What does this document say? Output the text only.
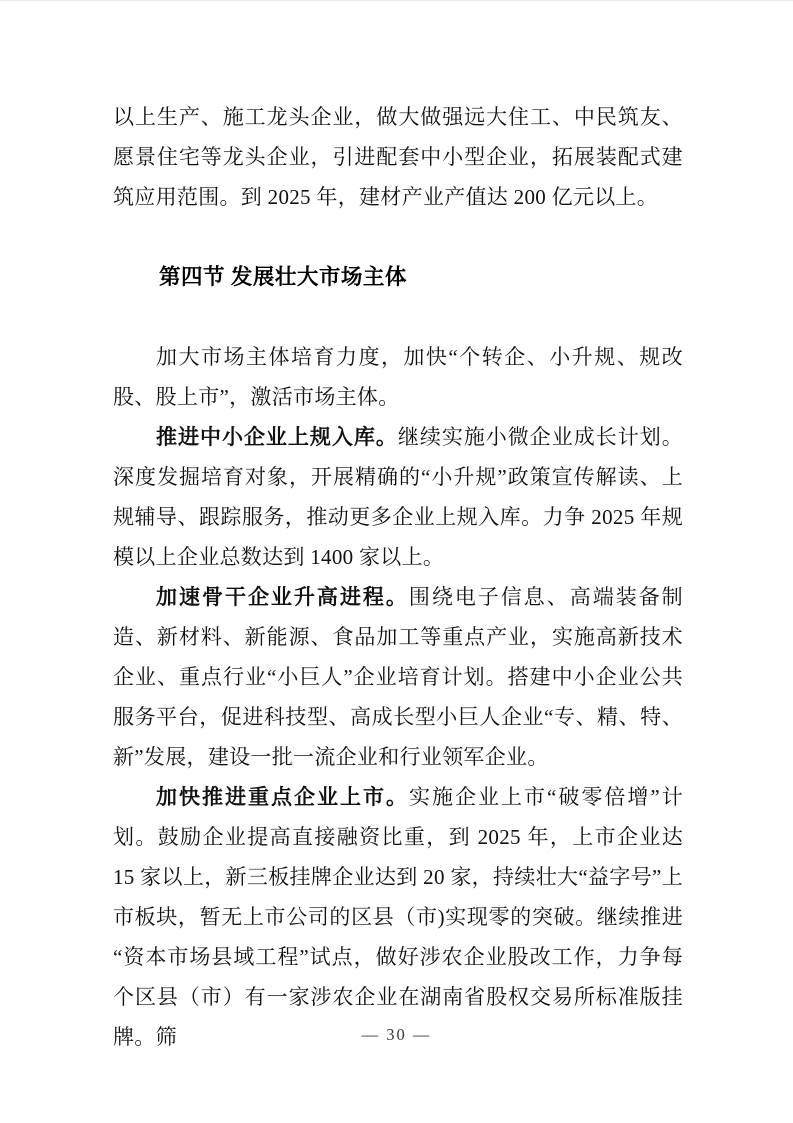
以上生产、施工龙头企业，做大做强远大住工、中民筑友、愿景住宅等龙头企业，引进配套中小型企业，拓展装配式建筑应用范围。到 2025 年，建材产业产值达 200 亿元以上。

第四节 发展壮大市场主体

加大市场主体培育力度，加快“个转企、小升规、规改股、股上市”，激活市场主体。

推进中小企业上规入库。继续实施小微企业成长计划。深度发掘培育对象，开展精确的“小升规”政策宣传解读、上规辅导、跟踪服务，推动更多企业上规入库。力争 2025 年规模以上企业总数达到 1400 家以上。

加速骨干企业升高进程。围绕电子信息、高端装备制造、新材料、新能源、食品加工等重点产业，实施高新技术企业、重点行业“小巨人”企业培育计划。搭建中小企业公共服务平台，促进科技型、高成长型小巨人企业“专、精、特、新”发展，建设一批一流企业和行业领军企业。

加快推进重点企业上市。实施企业上市“破零倍增”计划。鼓励企业提高直接融资比重，到 2025 年，上市企业达 15 家以上，新三板挂牌企业达到 20 家，持续壮大“益字号”上市板块，暂无上市公司的区县（市)实现零的突破。继续推进“资本市场县域工程”试点，做好涉农企业股改工作，力争每个区县（市）有一家涉农企业在湖南省股权交易所标准版挂牌。筛	— 30 —
